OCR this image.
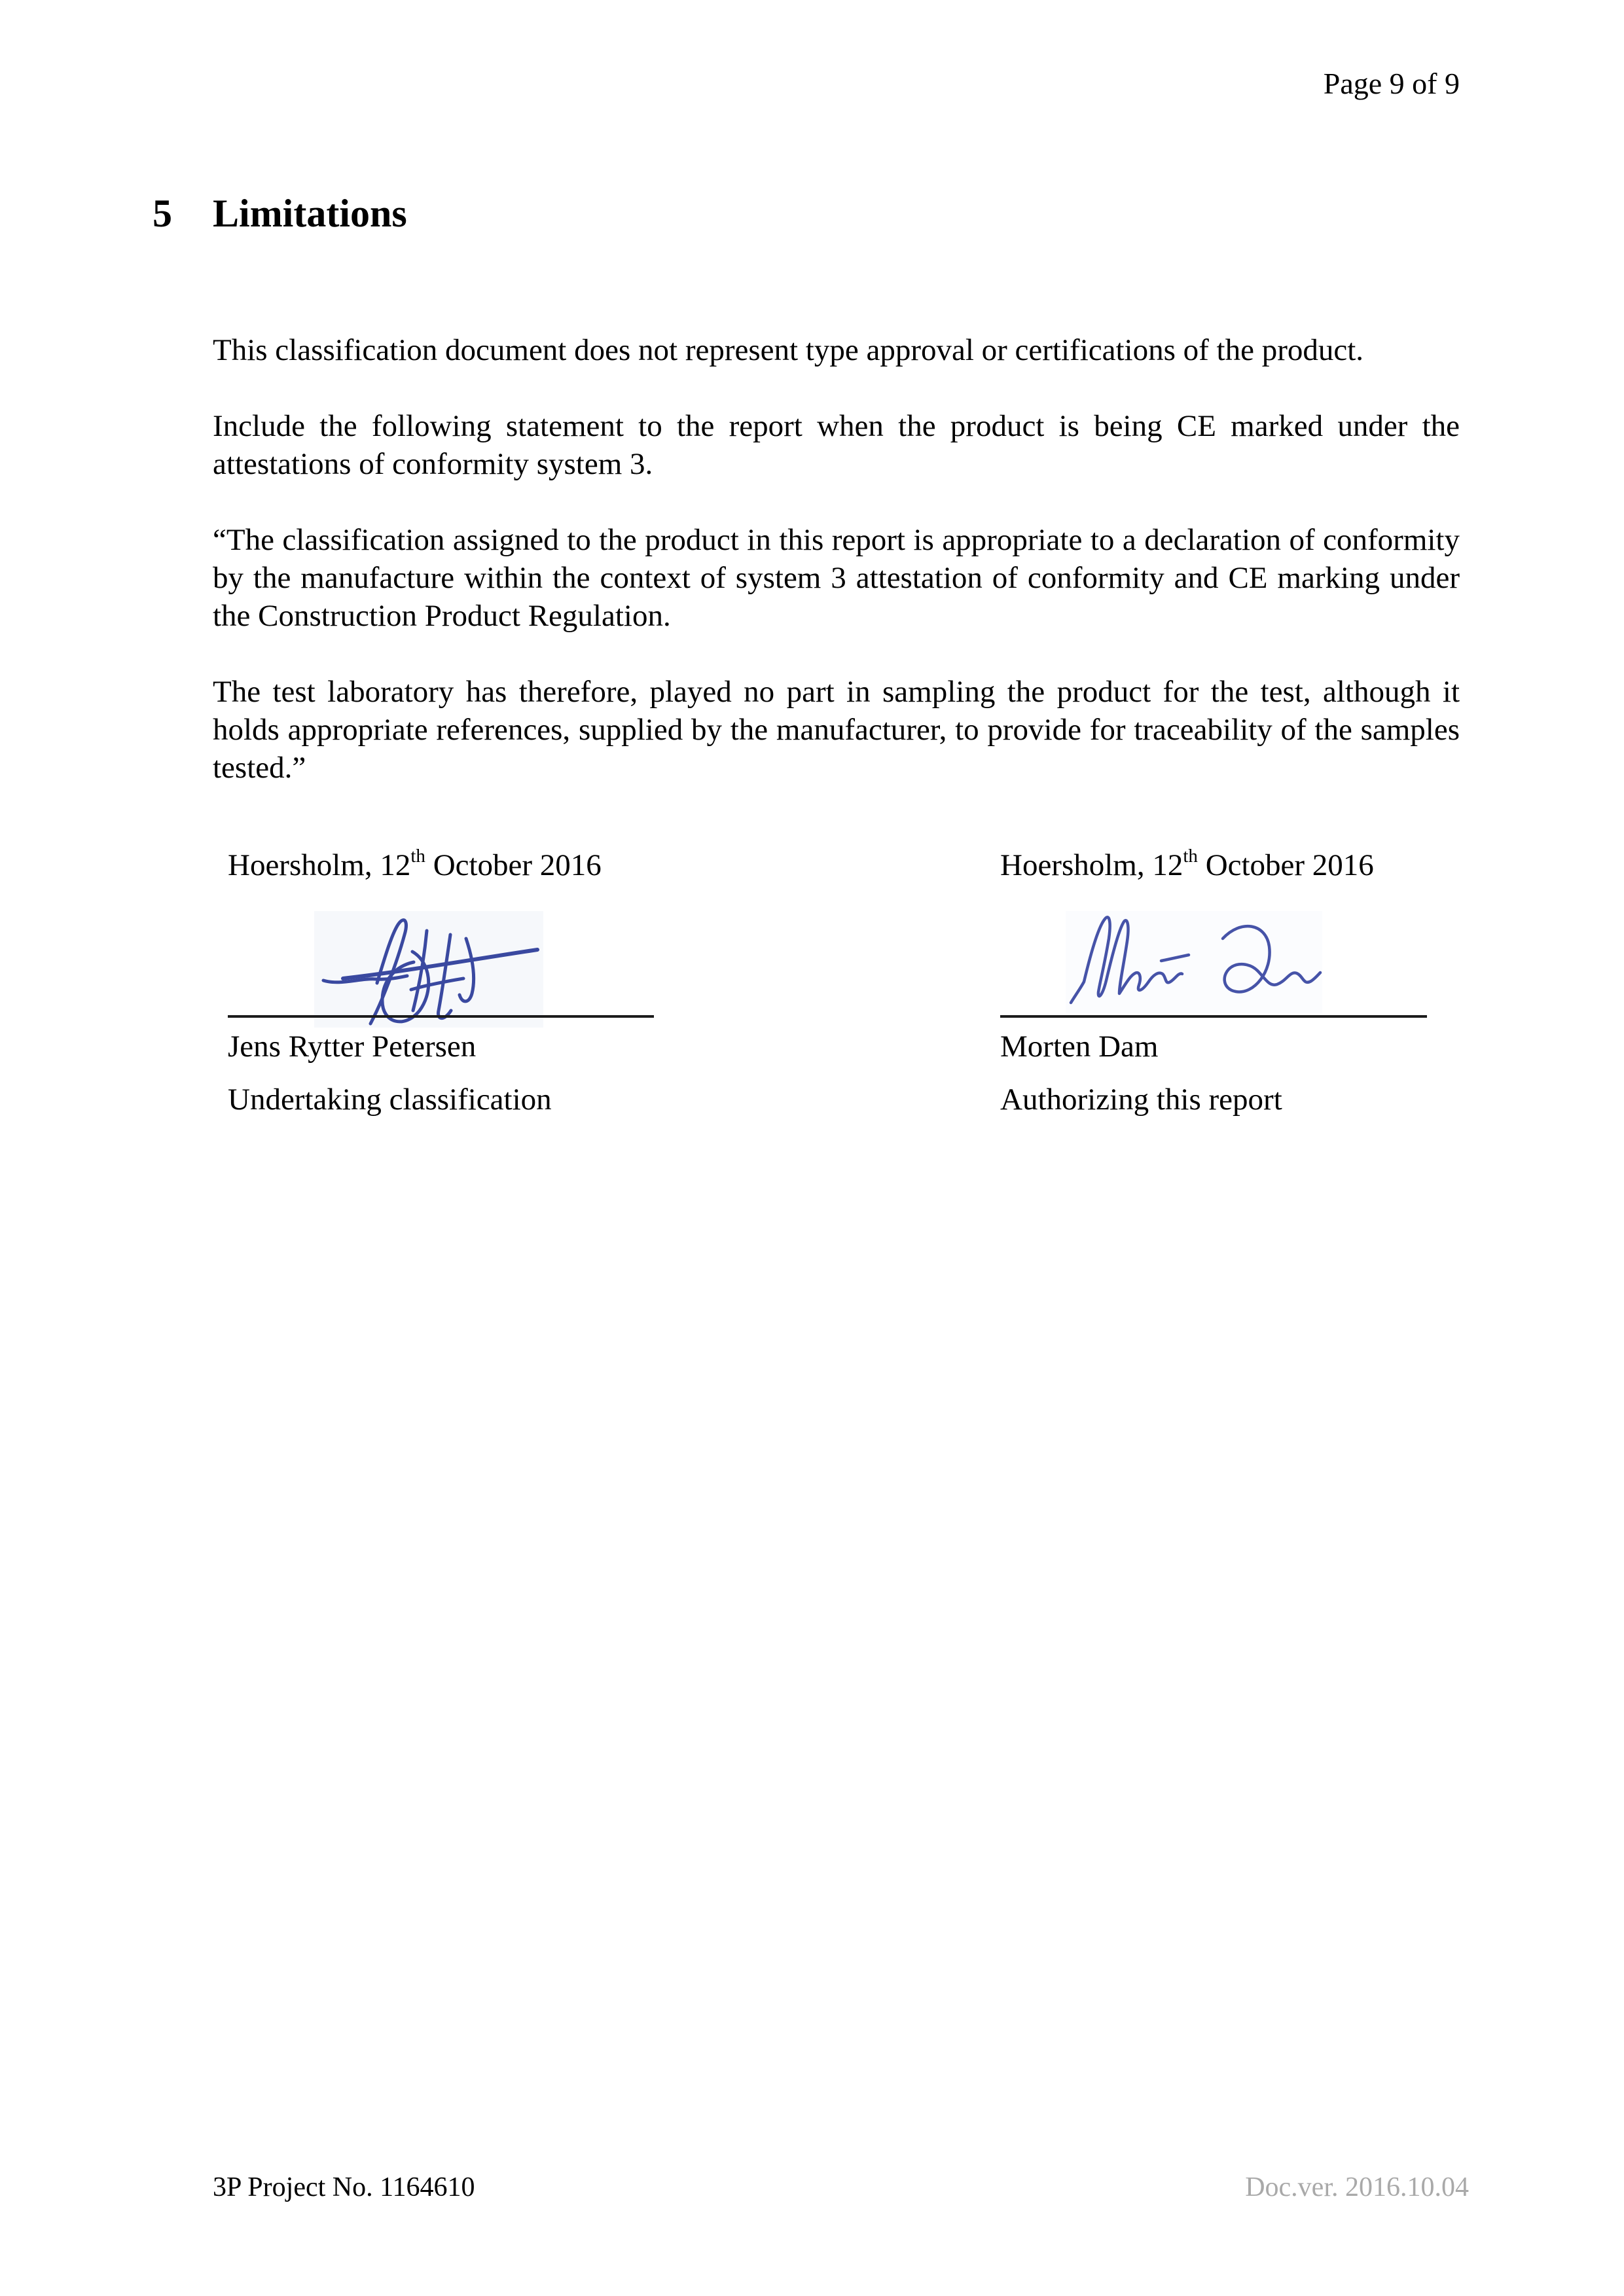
Page 9 of 9
5 Limitations

This classification document does not represent type approval or certifications of the product.

Include the following statement to the report when the product is being CE marked under the attestations of conformity system 3.

“The classification assigned to the product in this report is appropriate to a declaration of conformity by the manufacture within the context of system 3 attestation of conformity and CE marking under the Construction Product Regulation.

The test laboratory has therefore, played no part in sampling the product for the test, although it holds appropriate references, supplied by the manufacturer, to provide for traceability of the samples tested.”

Hoersholm, 12th October 2016
Jens Rytter Petersen
Undertaking classification
Hoersholm, 12th October 2016
Morten Dam
Authorizing this report
3P Project No. 1164610	Doc.ver. 2016.10.04
